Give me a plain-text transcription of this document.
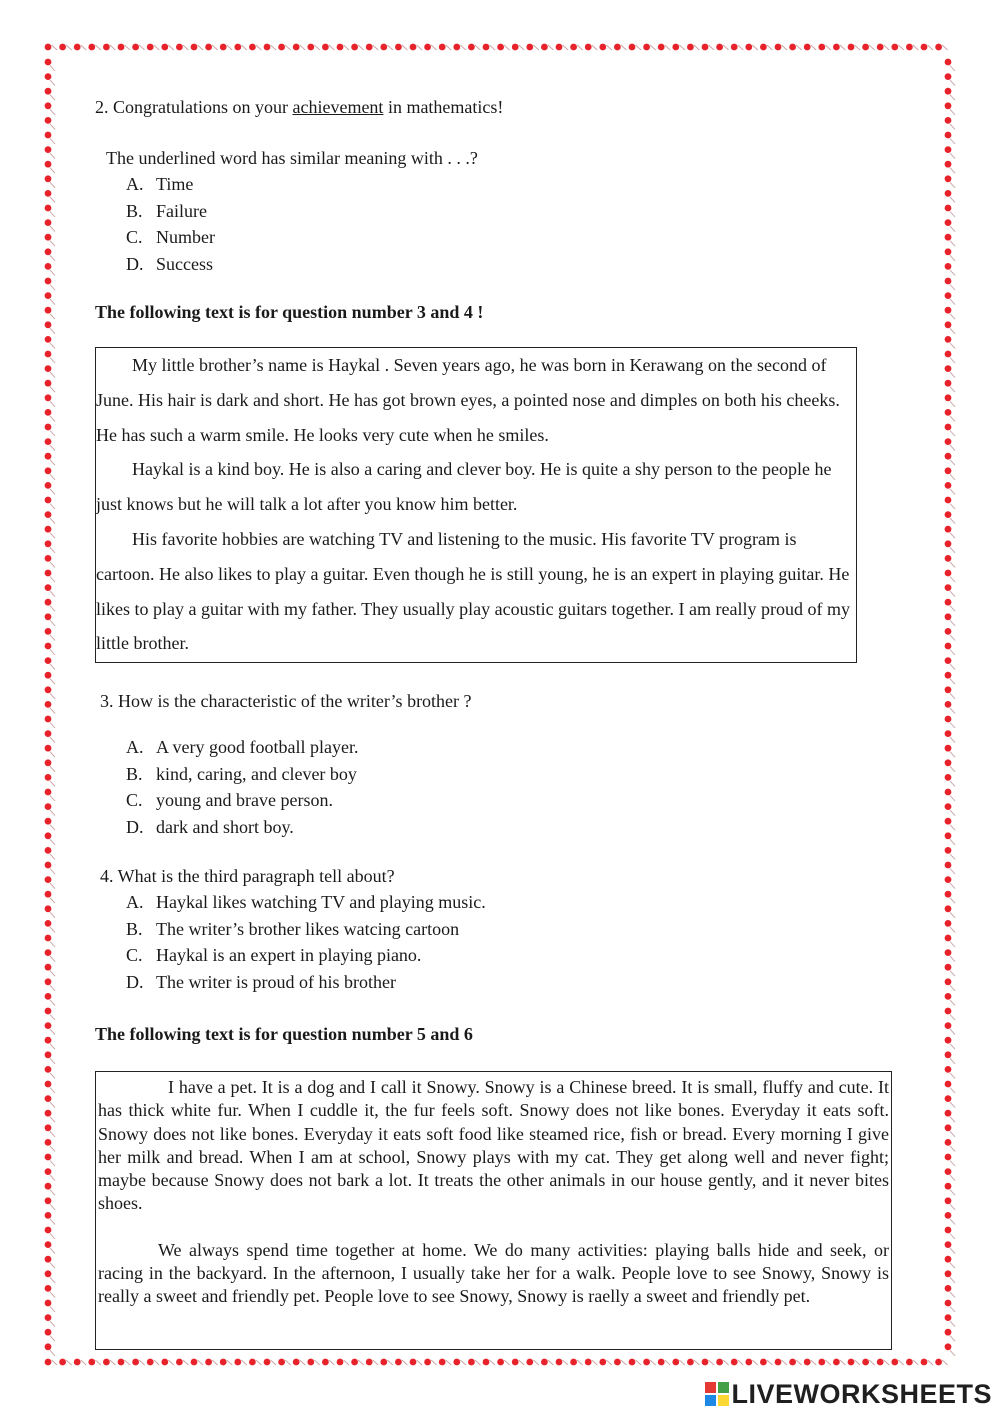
2. Congratulations on your achievement in mathematics!
The underlined word has similar meaning with . . .?
A. Time
B. Failure
C. Number
D. Success
The following text is for question number 3 and 4 !

My little brother’s name is Haykal . Seven years ago, he was born in Kerawang on the second of June. His hair is dark and short. He has got brown eyes, a pointed nose and dimples on both his cheeks. He has such a warm smile. He looks very cute when he smiles.

Haykal is a kind boy. He is also a caring and clever boy. He is quite a shy person to the people he just knows but he will talk a lot after you know him better.

His favorite hobbies are watching TV and listening to the music. His favorite TV program is cartoon. He also likes to play a guitar. Even though he is still young, he is an expert in playing guitar. He likes to play a guitar with my father. They usually play acoustic guitars together. I am really proud of my little brother.

3. How is the characteristic of the writer’s brother ?
A. A very good football player.
B. kind, caring, and clever boy
C. young and brave person.
D. dark and short boy.
4. What is the third paragraph tell about?
A. Haykal likes watching TV and playing music.
B. The writer’s brother likes watcing cartoon
C. Haykal is an expert in playing piano.
D. The writer is proud of his brother
The following text is for question number 5 and 6

I have a pet. It is a dog and I call it Snowy. Snowy is a Chinese breed. It is small, fluffy and cute. It has thick white fur. When I cuddle it, the fur feels soft. Snowy does not like bones. Everyday it eats soft. Snowy does not like bones. Everyday it eats soft food like steamed rice, fish or bread. Every morning I give her milk and bread. When I am at school, Snowy plays with my cat. They get along well and never fight; maybe because Snowy does not bark a lot. It treats the other animals in our house gently, and it never bites shoes.

We always spend time together at home. We do many activities: playing balls hide and seek, or racing in the backyard. In the afternoon, I usually take her for a walk. People love to see Snowy, Snowy is really a sweet and friendly pet. People love to see Snowy, Snowy is raelly a sweet and friendly pet.

LIVEWORKSHEETS
